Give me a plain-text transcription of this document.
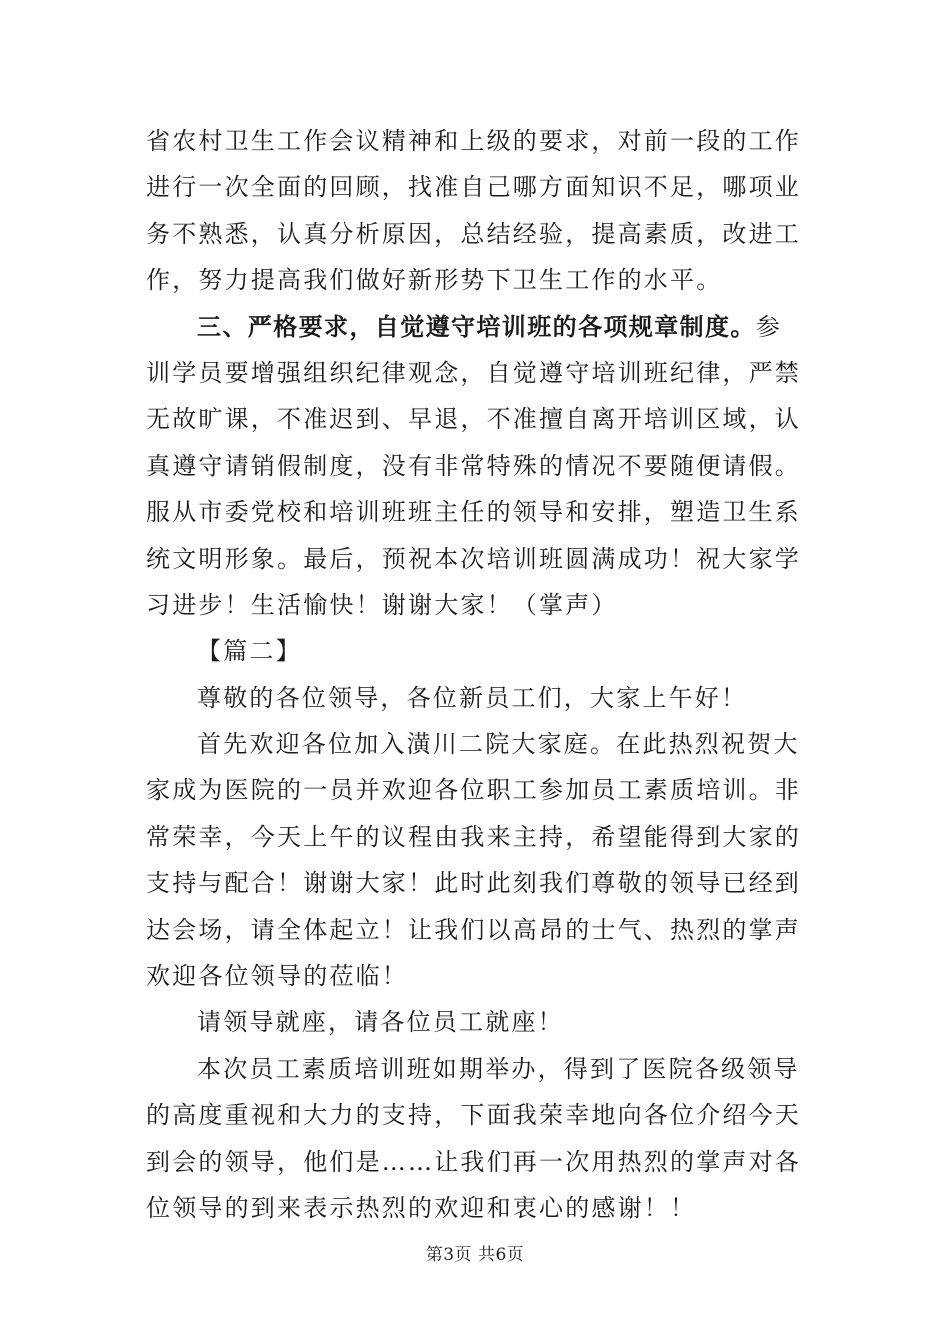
省农村卫生工作会议精神和上级的要求，对前一段的工作
进行一次全面的回顾，找准自己哪方面知识不足，哪项业
务不熟悉，认真分析原因，总结经验，提高素质，改进工
作，努力提高我们做好新形势下卫生工作的水平。
三、严格要求，自觉遵守培训班的各项规章制度。参
训学员要增强组织纪律观念，自觉遵守培训班纪律，严禁
无故旷课，不准迟到、早退，不准擅自离开培训区域，认
真遵守请销假制度，没有非常特殊的情况不要随便请假。
服从市委党校和培训班班主任的领导和安排，塑造卫生系
统文明形象。最后，预祝本次培训班圆满成功！祝大家学
习进步！生活愉快！谢谢大家！（掌声）
【篇二】
尊敬的各位领导，各位新员工们，大家上午好！
首先欢迎各位加入潢川二院大家庭。在此热烈祝贺大
家成为医院的一员并欢迎各位职工参加员工素质培训。非
常荣幸，今天上午的议程由我来主持，希望能得到大家的
支持与配合！谢谢大家！此时此刻我们尊敬的领导已经到
达会场，请全体起立！让我们以高昂的士气、热烈的掌声
欢迎各位领导的莅临！
请领导就座，请各位员工就座！
本次员工素质培训班如期举办，得到了医院各级领导
的高度重视和大力的支持，下面我荣幸地向各位介绍今天
到会的领导，他们是……让我们再一次用热烈的掌声对各
位领导的到来表示热烈的欢迎和衷心的感谢！！
第3页 共6页
